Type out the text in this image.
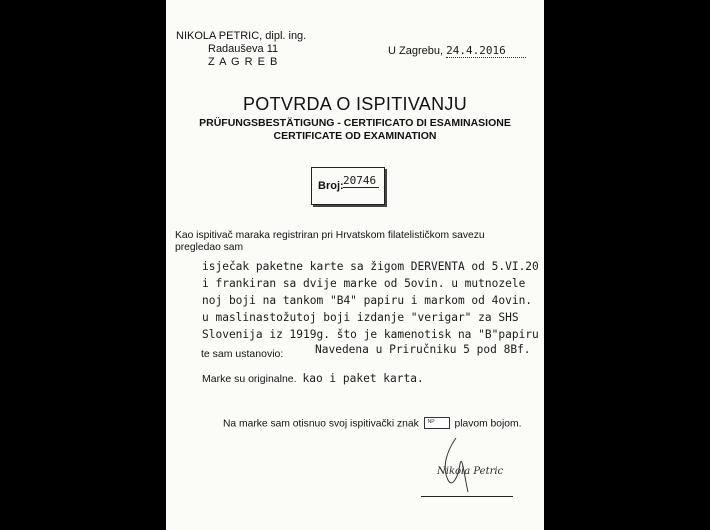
NIKOLA PETRIC, dipl. ing.
Radauševa 11
Z A G R E B
U Zagrebu, 24.4.2016
POTVRDA O ISPITIVANJU
PRÜFUNGSBESTÄTIGUNG - CERTIFICATO DI ESAMINASIONE
CERTIFICATE OD EXAMINATION
Broj: 20746
Kao ispitivač maraka registriran pri Hrvatskom filatelističkom savezu
pregledao sam
isječak paketne karte sa žigom DERVENTA od 5.VI.20
i frankiran sa dvije marke od 5ovin. u mutnozele
noj boji na tankom "B4" papiru i markom od 4ovin.
u maslinastožutoj boji izdanje "verigar" za SHS
Slovenija iz 1919g. što je kamenotisk na "B"papiru
Navedena u Priručniku 5 pod 8Bf.
te sam ustanovio:
Marke su originalne. kao i paket karta.
Na marke sam otisnuo svoj ispitivački znak NP plavom bojom.
Nikola Petric
